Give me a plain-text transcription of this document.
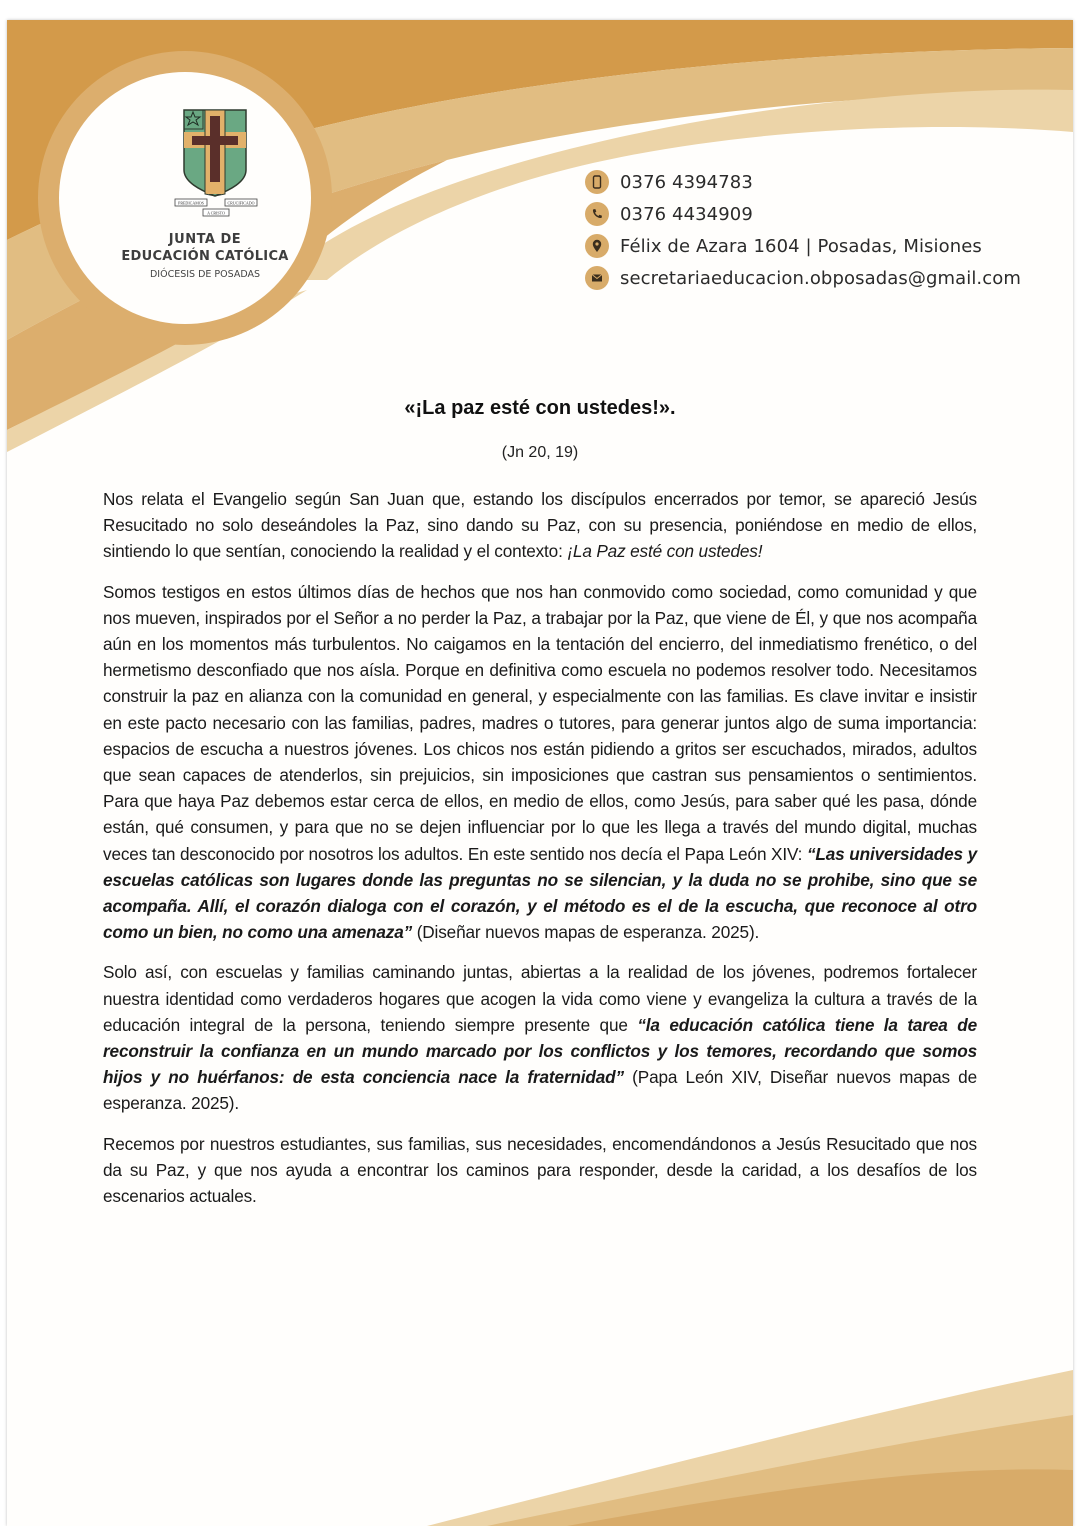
PREDICAMOS	CRUCIFICADO
A CRISTO
JUNTA DE
EDUCACIÓN CATÓLICA
DIÓCESIS DE POSADAS
0376 4394783
0376 4434909
Félix de Azara 1604 | Posadas, Misiones
secretariaeducacion.obposadas@gmail.com
«¡La paz esté con ustedes!».
(Jn 20, 19)

Nos relata el Evangelio según San Juan que, estando los discípulos encerrados por temor, se apareció Jesús Resucitado no solo deseándoles la Paz, sino dando su Paz, con su presencia, poniéndose en medio de ellos, sintiendo lo que sentían, conociendo la realidad y el contexto: ¡La Paz esté con ustedes!

Somos testigos en estos últimos días de hechos que nos han conmovido como sociedad, como comunidad y que nos mueven, inspirados por el Señor a no perder la Paz, a trabajar por la Paz, que viene de Él, y que nos acompaña aún en los momentos más turbulentos. No caigamos en la tentación del encierro, del inmediatismo frenético, o del hermetismo desconfiado que nos aísla. Porque en definitiva como escuela no podemos resolver todo. Necesitamos construir la paz en alianza con la comunidad en general, y especialmente con las familias. Es clave invitar e insistir en este pacto necesario con las familias, padres, madres o tutores, para generar juntos algo de suma importancia: espacios de escucha a nuestros jóvenes. Los chicos nos están pidiendo a gritos ser escuchados, mirados, adultos que sean capaces de atenderlos, sin prejuicios, sin imposiciones que castran sus pensamientos o sentimientos. Para que haya Paz debemos estar cerca de ellos, en medio de ellos, como Jesús, para saber qué les pasa, dónde están, qué consumen, y para que no se dejen influenciar por lo que les llega a través del mundo digital, muchas veces tan desconocido por nosotros los adultos. En este sentido nos decía el Papa León XIV: “Las universidades y escuelas católicas son lugares donde las preguntas no se silencian, y la duda no se prohibe, sino que se acompaña. Allí, el corazón dialoga con el corazón, y el método es el de la escucha, que reconoce al otro como un bien, no como una amenaza” (Diseñar nuevos mapas de esperanza. 2025).

Solo así, con escuelas y familias caminando juntas, abiertas a la realidad de los jóvenes, podremos fortalecer nuestra identidad como verdaderos hogares que acogen la vida como viene y evangeliza la cultura a través de la educación integral de la persona, teniendo siempre presente que “la educación católica tiene la tarea de reconstruir la confianza en un mundo marcado por los conflictos y los temores, recordando que somos hijos y no huérfanos: de esta conciencia nace la fraternidad” (Papa León XIV, Diseñar nuevos mapas de esperanza. 2025).

Recemos por nuestros estudiantes, sus familias, sus necesidades, encomendándonos a Jesús Resucitado que nos da su Paz, y que nos ayuda a encontrar los caminos para responder, desde la caridad, a los desafíos de los escenarios actuales.
